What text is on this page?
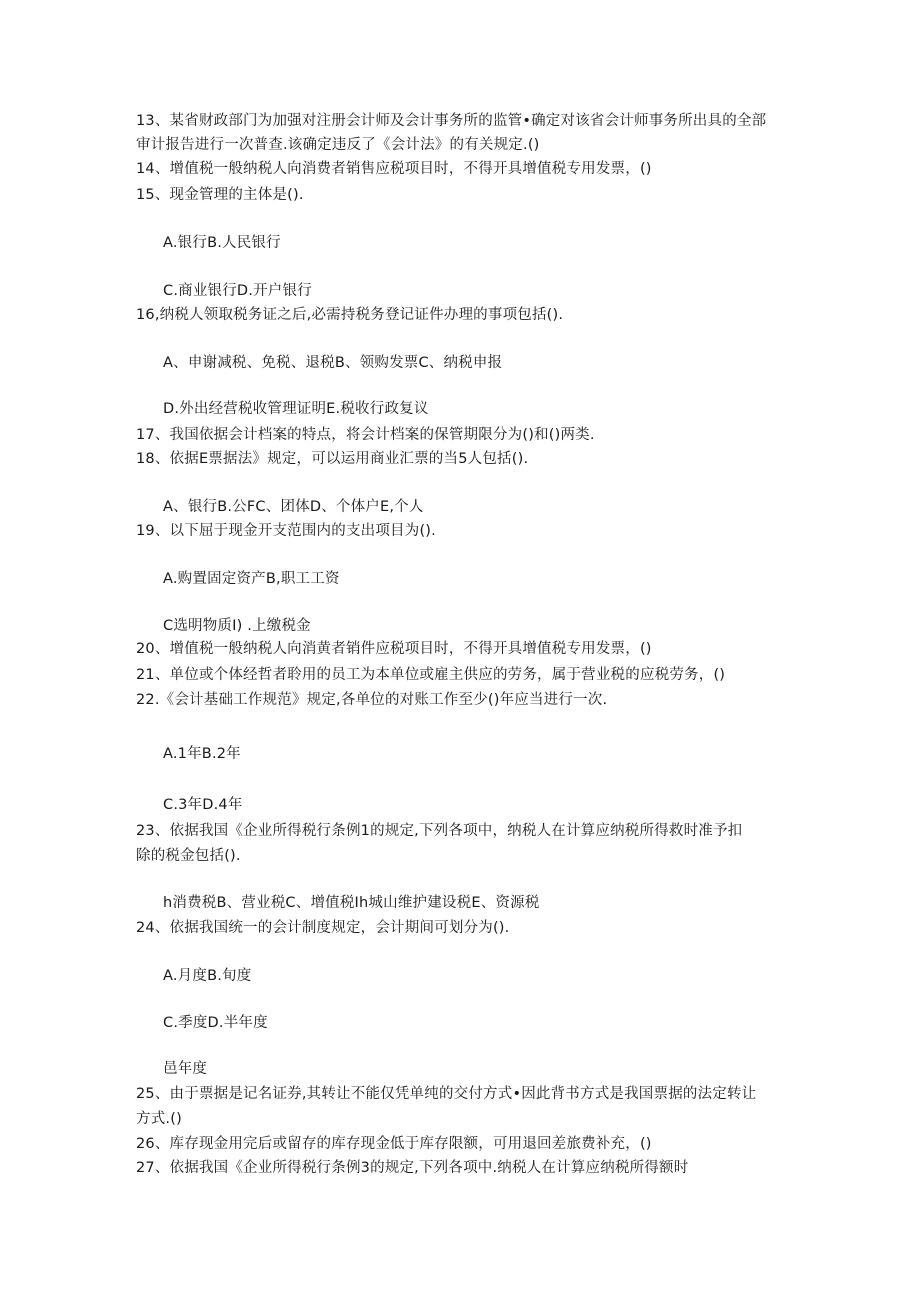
13、某省财政部门为加强对注册会计师及会计事务所的监管•确定对该省会计师事务所出具的全部

审计报告进行一次普查.该确定违反了《会计法》的有关规定.()

14、增值税一般纳税人向消费者销售应税项目时，不得开具增值税专用发票，()

15、现金管理的主体是().

A.银行B.人民银行

C.商业银行D.开户银行

16,纳税人领取税务证之后,必需持税务登记证件办理的事项包括().

A、申谢减税、免税、退税B、领购发票C、纳税申报

D.外出经营税收管理证明E.税收行政复议

17、我国依据会计档案的特点，将会计档案的保管期限分为()和()两类.

18、依据E票据法》规定，可以运用商业汇票的当5人包括().

A、银行B.公FC、团体D、个体户E,个人

19、以下屈于现金开支范围内的支出项目为().

A.购置固定资产B,职工工资

C选明物质I) .上缴税金

20、增值税一般纳税人向消黄者销件应税项目时，不得开具增值税专用发票，()

21、单位或个体经哲者聆用的员工为本单位或雇主供应的劳务，属于营业税的应税劳务，()

22.《会计基础工作规范》规定,各单位的对账工作至少()年应当进行一次.

A.1年B.2年

C.3年D.4年

23、依据我国《企业所得税行条例1的规定,下列各项中，纳税人在计算应纳税所得救时准予扣

除的税金包括().

h消费税B、营业税C、增值税Ih城山维护建设税E、资源税

24、依据我国统一的会计制度规定，会计期间可划分为().

A.月度B.旬度

C.季度D.半年度

邑年度

25、由于票据是记名证券,其转让不能仅凭单纯的交付方式•因此背书方式是我国票据的法定转让

方式.()

26、库存现金用完后或留存的库存现金低于库存限额，可用退回差旅费补充，()

27、依据我国《企业所得税行条例3的规定,下列各项中.纳税人在计算应纳税所得额时
